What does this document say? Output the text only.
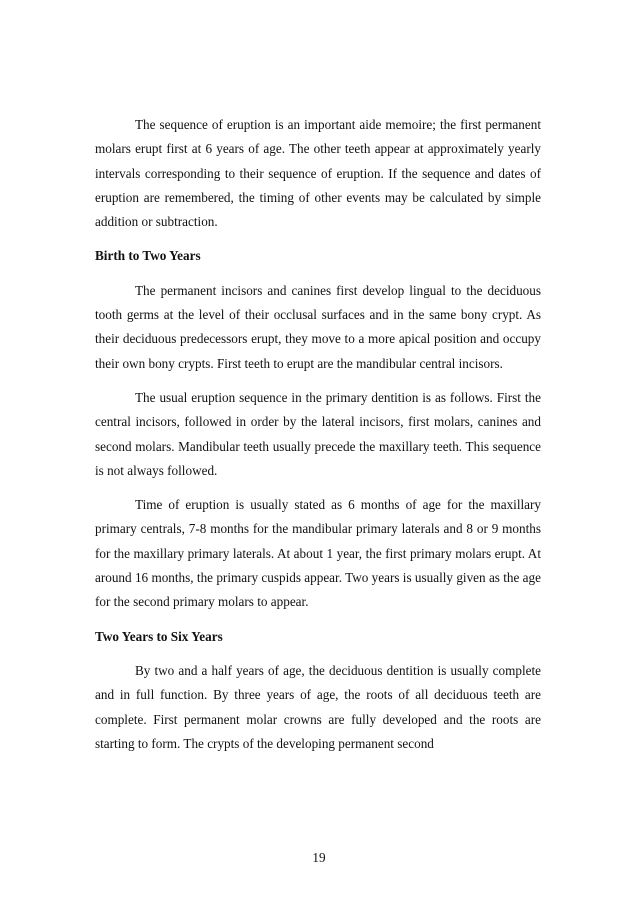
The sequence of eruption is an important aide memoire; the first permanent molars erupt first at 6 years of age. The other teeth appear at approximately yearly intervals corresponding to their sequence of eruption. If the sequence and dates of eruption are remembered, the timing of other events may be calculated by simple addition or subtraction.

Birth to Two Years

The permanent incisors and canines first develop lingual to the deciduous tooth germs at the level of their occlusal surfaces and in the same bony crypt. As their deciduous predecessors erupt, they move to a more apical position and occupy their own bony crypts. First teeth to erupt are the mandibular central incisors.

The usual eruption sequence in the primary dentition is as follows. First the central incisors, followed in order by the lateral incisors, first molars, canines and second molars. Mandibular teeth usually precede the maxillary teeth. This sequence is not always followed.

Time of eruption is usually stated as 6 months of age for the maxillary primary centrals, 7-8 months for the mandibular primary laterals and 8 or 9 months for the maxillary primary laterals. At about 1 year, the first primary molars erupt. At around 16 months, the primary cuspids appear. Two years is usually given as the age for the second primary molars to appear.

Two Years to Six Years

By two and a half years of age, the deciduous dentition is usually complete and in full function. By three years of age, the roots of all deciduous teeth are complete. First permanent molar crowns are fully developed and the roots are starting to form. The crypts of the developing permanent second

19
